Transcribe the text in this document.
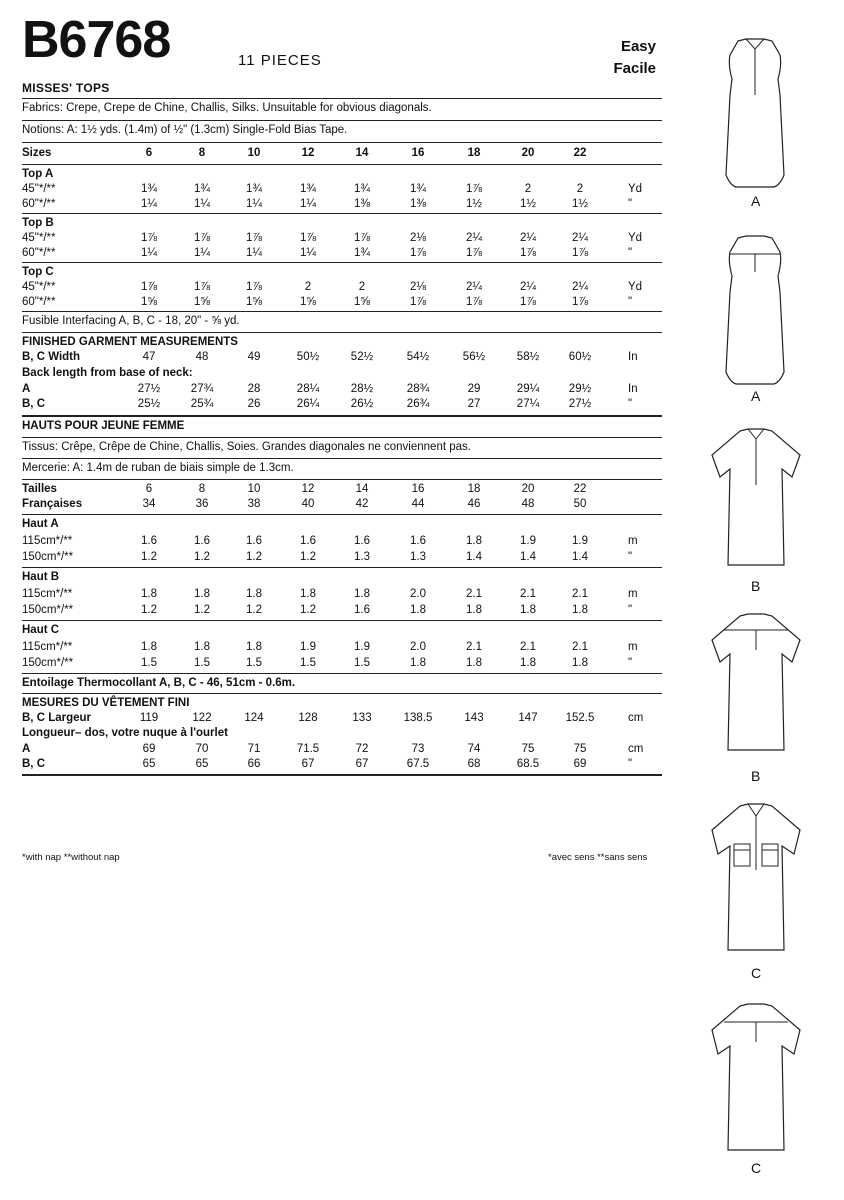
B6768	11 PIECES
Easy
Facile
MISSES' TOPS
Fabrics: Crepe, Crepe de Chine, Challis, Silks. Unsuitable for obvious diagonals.
Notions: A: 1½ yds. (1.4m) of ½" (1.3cm) Single-Fold Bias Tape.
Sizes	6	8	10	12	14	16	18	20	22
Top A
45"*/**	1¾	1¾	1¾	1¾	1¾	1¾	1⅞	2	2	Yd
60"*/**	1¼	1¼	1¼	1¼	1⅜	1⅜	1½	1½	1½	"
Top B
45"*/**	1⅞	1⅞	1⅞	1⅞	1⅞	2⅛	2¼	2¼	2¼	Yd
60"*/**	1¼	1¼	1¼	1¼	1¾	1⅞	1⅞	1⅞	1⅞	"
Top C
45"*/**	1⅞	1⅞	1⅞	2	2	2⅛	2¼	2¼	2¼	Yd
60"*/**	1⅝	1⅝	1⅝	1⅝	1⅝	1⅞	1⅞	1⅞	1⅞	"
Fusible Interfacing A, B, C - 18, 20" - ⅝ yd.
FINISHED GARMENT MEASUREMENTS
B, C Width	47	48	49	50½	52½	54½	56½	58½	60½	In
Back length from base of neck:
A	27½	27¾	28	28¼	28½	28¾	29	29¼	29½	In
B, C	25½	25¾	26	26¼	26½	26¾	27	27¼	27½	"
HAUTS POUR JEUNE FEMME
Tissus: Crêpe, Crêpe de Chine, Challis, Soies. Grandes diagonales ne conviennent pas.
Mercerie: A: 1.4m de ruban de biais simple de 1.3cm.
Tailles	6	8	10	12	14	16	18	20	22
Françaises	34	36	38	40	42	44	46	48	50
Haut A
115cm*/**	1.6	1.6	1.6	1.6	1.6	1.6	1.8	1.9	1.9	m
150cm*/**	1.2	1.2	1.2	1.2	1.3	1.3	1.4	1.4	1.4	"
Haut B
115cm*/**	1.8	1.8	1.8	1.8	1.8	2.0	2.1	2.1	2.1	m
150cm*/**	1.2	1.2	1.2	1.2	1.6	1.8	1.8	1.8	1.8	"
Haut C
115cm*/**	1.8	1.8	1.8	1.9	1.9	2.0	2.1	2.1	2.1	m
150cm*/**	1.5	1.5	1.5	1.5	1.5	1.8	1.8	1.8	1.8	"
Entoilage Thermocollant A, B, C - 46, 51cm - 0.6m.
MESURES DU VÊTEMENT FINI
B, C Largeur	119	122	124	128	133	138.5	143	147	152.5	cm
Longueur– dos, votre nuque à l'ourlet
A	69	70	71	71.5	72	73	74	75	75	cm
B, C	65	65	66	67	67	67.5	68	68.5	69	"
*with nap **without nap	*avec sens **sans sens
A
A
B
B
C
C
